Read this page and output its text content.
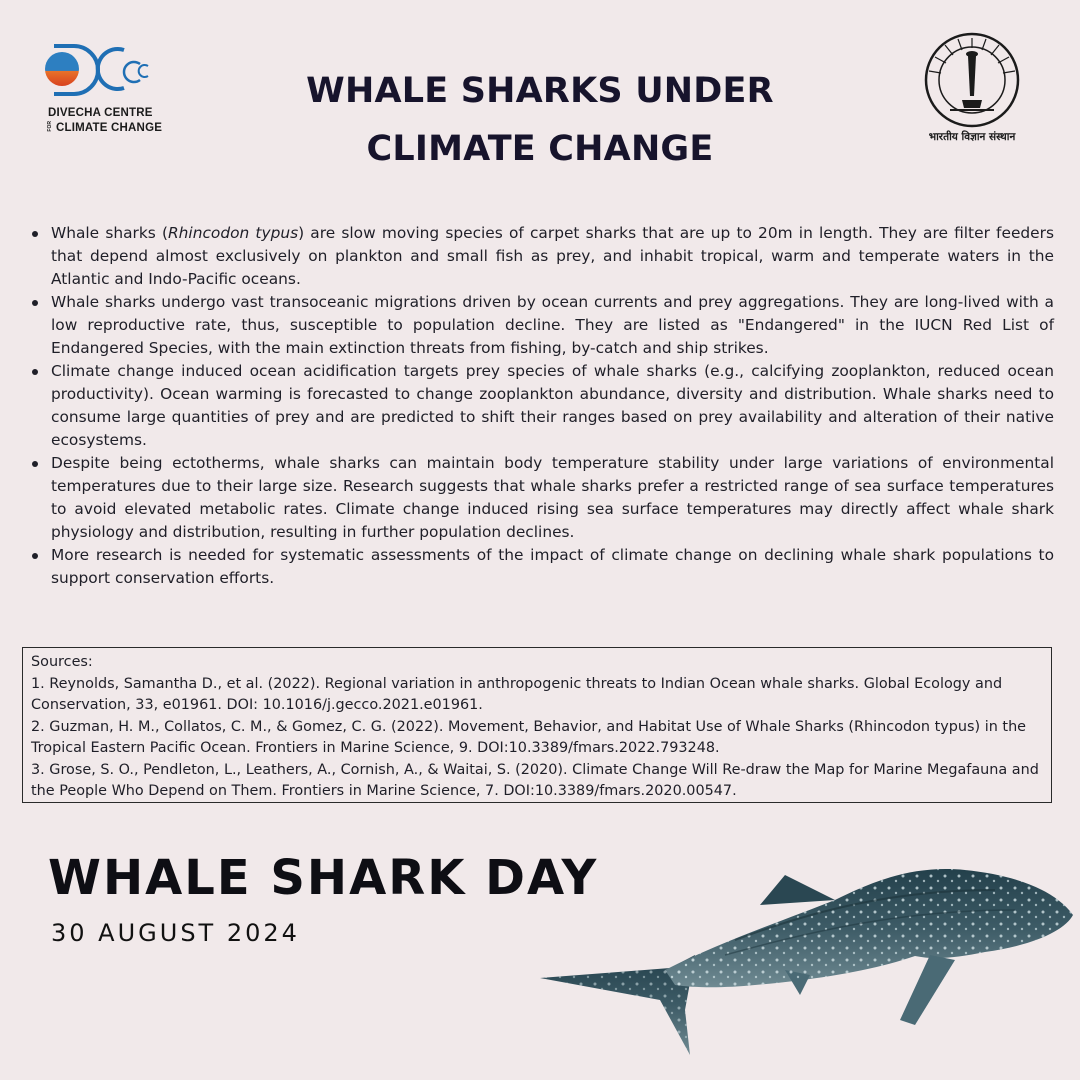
DIVECHA CENTRE
FOR CLIMATE CHANGE
WHALE SHARKS UNDER
CLIMATE CHANGE	भारतीय विज्ञान संस्थान
Whale sharks (Rhincodon typus) are slow moving species of carpet sharks that are up to 20m in length. They are filter feeders that depend almost exclusively on plankton and small fish as prey, and inhabit tropical, warm and temperate waters in the Atlantic and Indo-Pacific oceans.
Whale sharks undergo vast transoceanic migrations driven by ocean currents and prey aggregations. They are long-lived with a low reproductive rate, thus, susceptible to population decline. They are listed as "Endangered" in the IUCN Red List of Endangered Species, with the main extinction threats from fishing, by-catch and ship strikes.
Climate change induced ocean acidification targets prey species of whale sharks (e.g., calcifying zooplankton, reduced ocean productivity). Ocean warming is forecasted to change zooplankton abundance, diversity and distribution. Whale sharks need to consume large quantities of prey and are predicted to shift their ranges based on prey availability and alteration of their native ecosystems.
Despite being ectotherms, whale sharks can maintain body temperature stability under large variations of environmental temperatures due to their large size. Research suggests that whale sharks prefer a restricted range of sea surface temperatures to avoid elevated metabolic rates. Climate change induced rising sea surface temperatures may directly affect whale shark physiology and distribution, resulting in further population declines.
More research is needed for systematic assessments of the impact of climate change on declining whale shark populations to support conservation efforts.

Sources:

1. Reynolds, Samantha D., et al. (2022). Regional variation in anthropogenic threats to Indian Ocean whale sharks. Global Ecology and Conservation, 33, e01961. DOI: 10.1016/j.gecco.2021.e01961.

2. Guzman, H. M., Collatos, C. M., & Gomez, C. G. (2022). Movement, Behavior, and Habitat Use of Whale Sharks (Rhincodon typus) in the Tropical Eastern Pacific Ocean. Frontiers in Marine Science, 9. DOI:10.3389/fmars.2022.793248.

3. Grose, S. O., Pendleton, L., Leathers, A., Cornish, A., & Waitai, S. (2020). Climate Change Will Re-draw the Map for Marine Megafauna and the People Who Depend on Them. Frontiers in Marine Science, 7. DOI:10.3389/fmars.2020.00547.

WHALE SHARK DAY
30 AUGUST 2024
